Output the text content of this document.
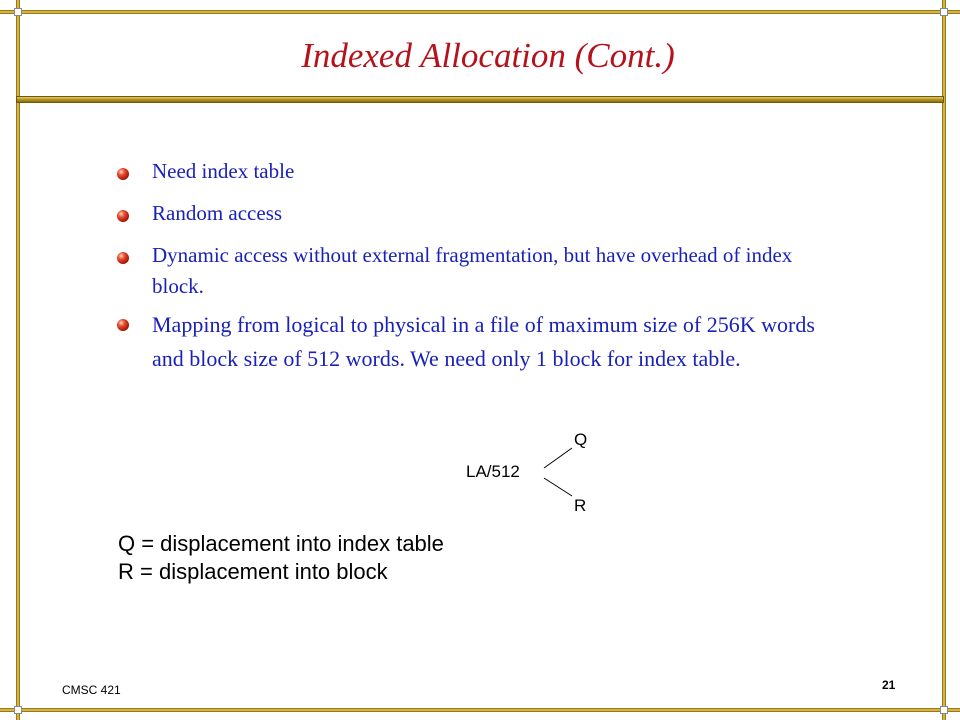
Indexed Allocation (Cont.)
Need index table
Random access
Dynamic access without external fragmentation, but have overhead of index block.
Mapping from logical to physical in a file of maximum size of 256K words and block size of 512 words. We need only 1 block for index table.
Q
LA/512
R
Q = displacement into index table
R = displacement into block
CMSC 421	21
